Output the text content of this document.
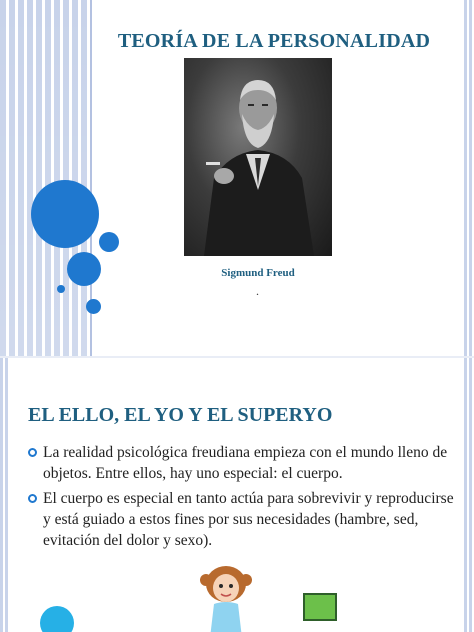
TEORÍA DE LA PERSONALIDAD
Sigmund Freud
.
EL ELLO, EL YO Y EL SUPERYO
La realidad psicológica freudiana empieza con el mundo lleno de objetos. Entre ellos, hay uno especial: el cuerpo.
El cuerpo es especial en tanto actúa para sobrevivir y reproducirse y está guiado a estos fines por sus necesidades (hambre, sed, evitación del dolor y sexo).
